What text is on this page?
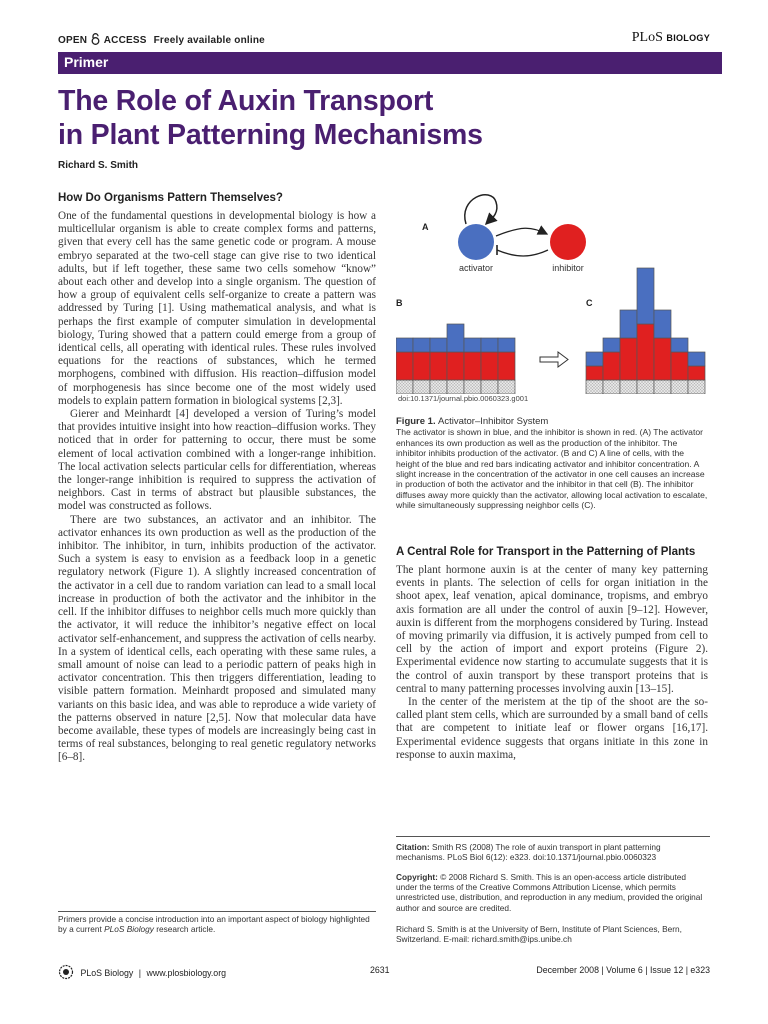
OPEN ACCESS Freely available online	PLoS BIOLOGY
Primer
The Role of Auxin Transport
in Plant Patterning Mechanisms
Richard S. Smith
How Do Organisms Pattern Themselves?

One of the fundamental questions in developmental biology is how a multicellular organism is able to create complex forms and patterns, given that every cell has the same genetic code or program. A mouse embryo separated at the two-cell stage can give rise to two identical adults, but if left together, these same two cells somehow “know” about each other and develop into a single organism. The question of how a group of equivalent cells self-organize to create a pattern was addressed by Turing [1]. Using mathematical analysis, and what is perhaps the first example of computer simulation in developmental biology, Turing showed that a pattern could emerge from a group of identical cells, all operating with identical rules. These rules involved equations for the reactions of substances, which he termed morphogens, combined with diffusion. His reaction–diffusion model of morphogenesis has since become one of the most widely used models to explain pattern formation in biological systems [2,3].

Gierer and Meinhardt [4] developed a version of Turing’s model that provides intuitive insight into how reaction–diffusion works. They noticed that in order for patterning to occur, there must be some element of local activation combined with a longer-range inhibition. The local activation selects particular cells for differentiation, whereas the longer-range inhibition is required to suppress the activation of neighbors. Cast in terms of abstract but plausible substances, the model was constructed as follows.

There are two substances, an activator and an inhibitor. The activator enhances its own production as well as the production of the inhibitor. The inhibitor, in turn, inhibits production of the activator. Such a system is easy to envision as a feedback loop in a genetic regulatory network (Figure 1). A slightly increased concentration of the activator in a cell due to random variation can lead to a small local increase in production of both the activator and the inhibitor in the cell. If the inhibitor diffuses to neighbor cells much more quickly than the activator, it will reduce the inhibitor’s negative effect on local activator self-enhancement, and suppress the activation of cells nearby. In a system of identical cells, each operating with these same rules, a small amount of noise can lead to a periodic pattern of peaks high in activator concentration. This then triggers differentiation, leading to visible pattern formation. Meinhardt proposed and simulated many variants on this basic idea, and was able to reproduce a wide variety of the patterns observed in nature [2,5]. Now that molecular data have become available, these types of models are increasingly being cast in terms of real substances, belonging to real genetic regulatory networks [6–8].

A
activator	inhibitor
B	C
doi:10.1371/journal.pbio.0060323.g001

Figure 1. Activator–Inhibitor System

The activator is shown in blue, and the inhibitor is shown in red. (A) The activator enhances its own production as well as the production of the inhibitor. The inhibitor inhibits production of the activator. (B and C) A line of cells, with the height of the blue and red bars indicating activator and inhibitor concentration. A slight increase in the concentration of the activator in one cell causes an increase in production of both the activator and the inhibitor in that cell (B). The inhibitor diffuses away more quickly than the activator, allowing local activation to escalate, while simultaneously suppressing neighbor cells (C).

A Central Role for Transport in the Patterning of Plants

The plant hormone auxin is at the center of many key patterning events in plants. The selection of cells for organ initiation in the shoot apex, leaf venation, apical dominance, tropisms, and embryo axis formation are all under the control of auxin [9–12]. However, auxin is different from the morphogens considered by Turing. Instead of moving primarily via diffusion, it is actively pumped from cell to cell by the action of import and export proteins (Figure 2). Experimental evidence now starting to accumulate suggests that it is the control of auxin transport by these transport proteins that is central to many patterning processes involving auxin [13–15].

In the center of the meristem at the tip of the shoot are the so-called plant stem cells, which are surrounded by a small band of cells that are competent to initiate leaf or flower organs [16,17]. Experimental evidence suggests that organs initiate in this zone in response to auxin maxima,

Citation: Smith RS (2008) The role of auxin transport in plant patterning mechanisms. PLoS Biol 6(12): e323. doi:10.1371/journal.pbio.0060323
Copyright: © 2008 Richard S. Smith. This is an open-access article distributed under the terms of the Creative Commons Attribution License, which permits unrestricted use, distribution, and reproduction in any medium, provided the original author and source are credited.
Richard S. Smith is at the University of Bern, Institute of Plant Sciences, Bern, Switzerland. E-mail: richard.smith@ips.unibe.ch
Primers provide a concise introduction into an important aspect of biology highlighted by a current PLoS Biology research article.
PLoS Biology | www.plosbiology.org	2631	December 2008 | Volume 6 | Issue 12 | e323
